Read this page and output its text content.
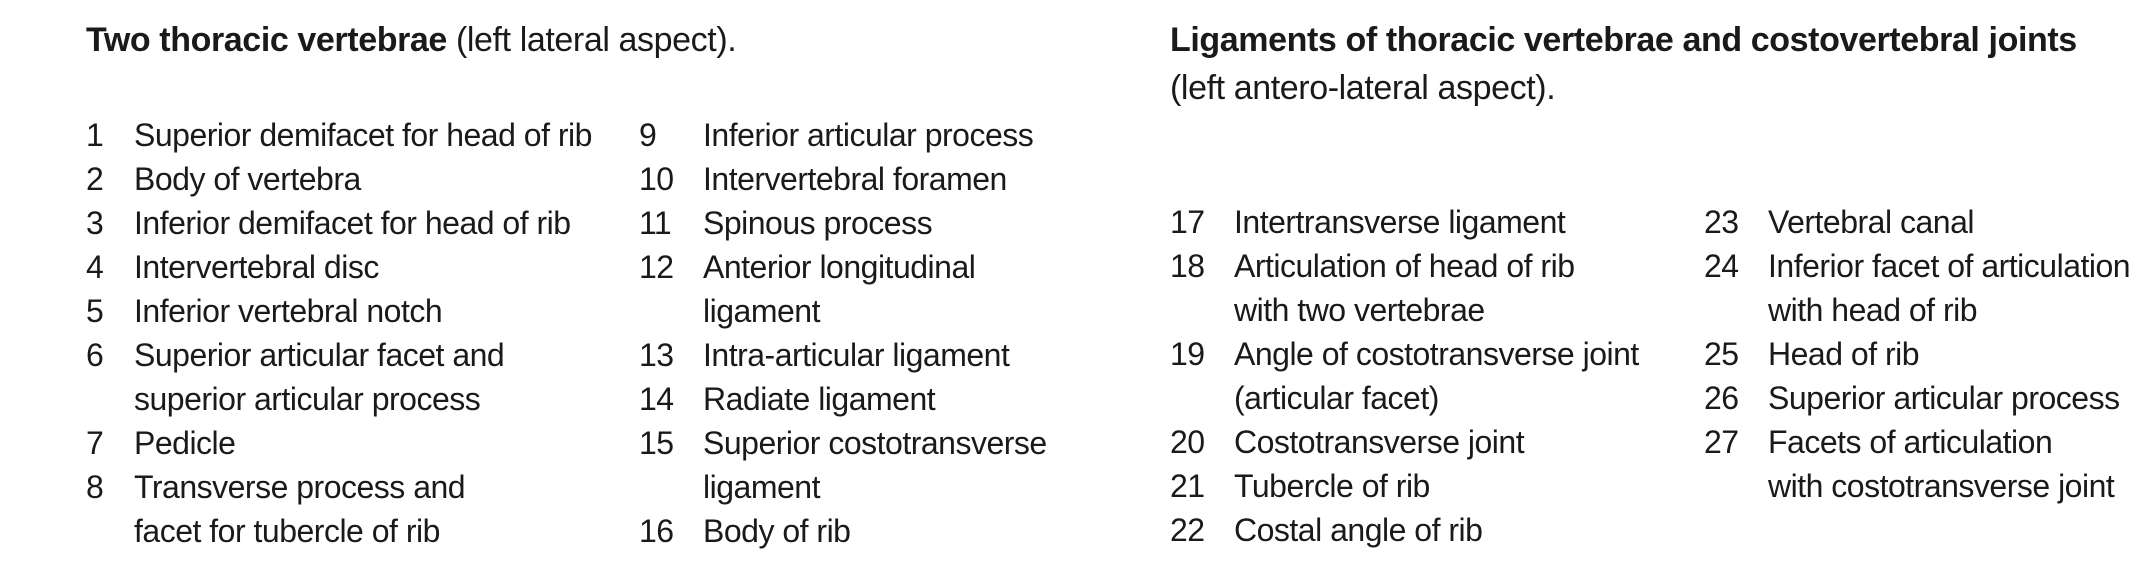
Two thoracic vertebrae (left lateral aspect).
1 Superior demifacet for head of rib
2 Body of vertebra
3 Inferior demifacet for head of rib
4 Intervertebral disc
5 Inferior vertebral notch
6 Superior articular facet and
superior articular process
7 Pedicle
8 Transverse process and
facet for tubercle of rib
9	Inferior articular process
10 Intervertebral foramen
11 Spinous process
12 Anterior longitudinal
ligament
13 Intra-articular ligament
14 Radiate ligament
15 Superior costotransverse
ligament
16 Body of rib
Ligaments of thoracic vertebrae and costovertebral joints
(left antero-lateral aspect).
17 Intertransverse ligament
18 Articulation of head of rib
with two vertebrae
19 Angle of costotransverse joint
(articular facet)
20 Costotransverse joint
21 Tubercle of rib
22 Costal angle of rib
23 Vertebral canal
24 Inferior facet of articulation
with head of rib
25 Head of rib
26 Superior articular process
27 Facets of articulation
with costotransverse joint
